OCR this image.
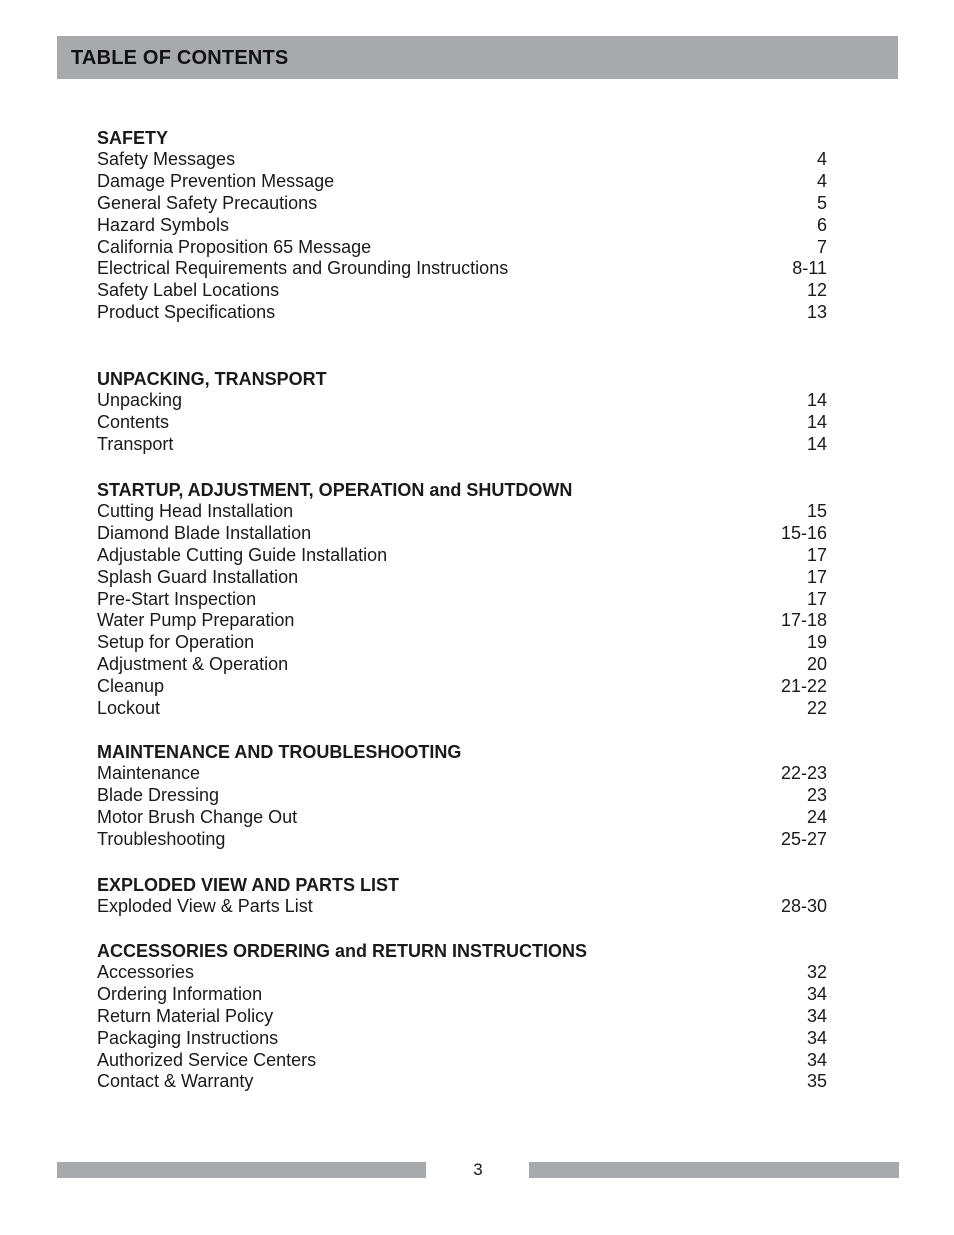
TABLE OF CONTENTS
SAFETY
Safety Messages	4
Damage Prevention Message	4
General Safety Precautions	5
Hazard Symbols	6
California Proposition 65 Message	7
Electrical Requirements and Grounding Instructions	8-11
Safety Label Locations	12
Product Specifications	13
UNPACKING, TRANSPORT
Unpacking	14
Contents	14
Transport	14
STARTUP, ADJUSTMENT, OPERATION and SHUTDOWN
Cutting Head Installation	15
Diamond Blade Installation	15-16
Adjustable Cutting Guide Installation	17
Splash Guard Installation	17
Pre-Start Inspection	17
Water Pump Preparation	17-18
Setup for Operation	19
Adjustment & Operation	20
Cleanup	21-22
Lockout	22
MAINTENANCE AND TROUBLESHOOTING
Maintenance	22-23
Blade Dressing	23
Motor Brush Change Out	24
Troubleshooting	25-27
EXPLODED VIEW AND PARTS LIST
Exploded View & Parts List	28-30
ACCESSORIES ORDERING and RETURN INSTRUCTIONS
Accessories	32
Ordering Information	34
Return Material Policy	34
Packaging Instructions	34
Authorized Service Centers	34
Contact & Warranty	35
3
